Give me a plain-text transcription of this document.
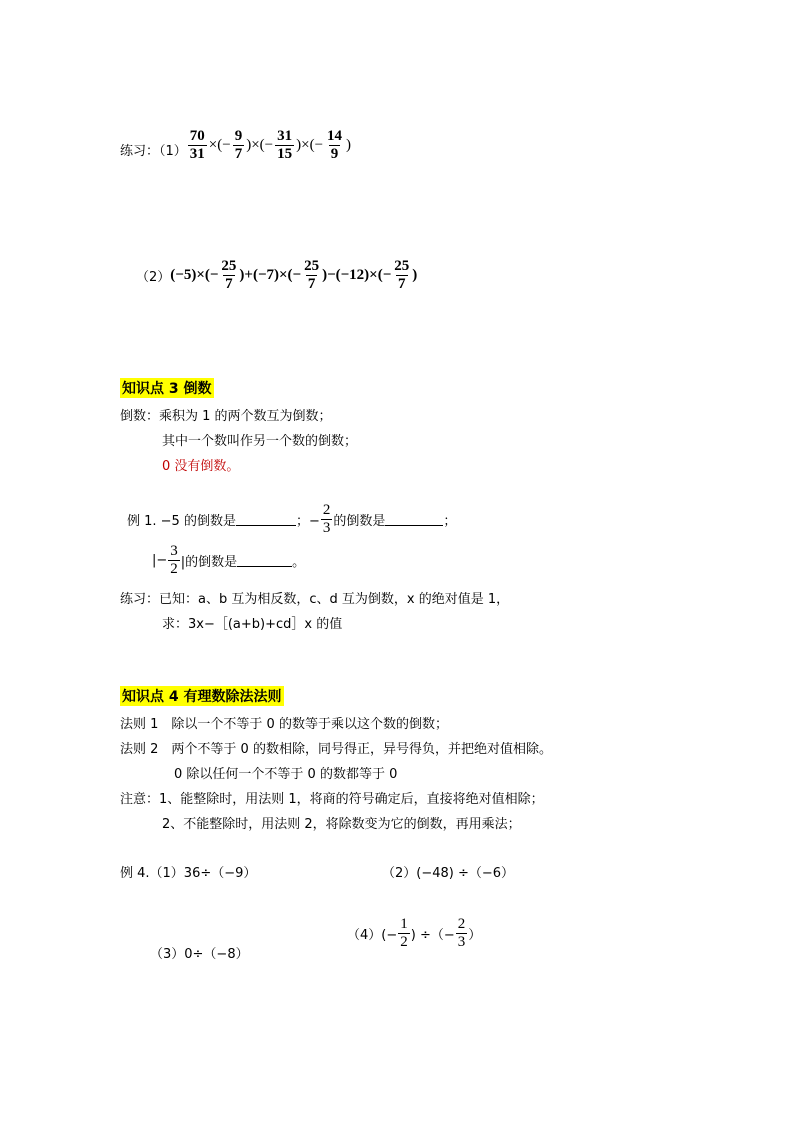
练习：$(1) \frac{70}{31}$ ×(− $\frac{9}{7}$ )×(− $\frac{31}{15}$ )×(− $\frac{14}{9}$ )
（2） $(-5)\times(- \frac{25}{7} )+(-7)\times(- \frac{25}{7} )-(-12)\times(- \frac{25}{7}$ )
知识点 3 倒数
倒数：乘积为 1 的两个数互为倒数；
其中一个数叫作另一个数的倒数；
0 没有倒数。
例 1. −5 的倒数是	；− $\frac{2}{3}$ 的倒数是	；
|− $\frac{3}{2}$ |的倒数是	。
练习：已知：a、b 互为相反数，c、d 互为倒数，x 的绝对值是 1，
求：3x−［(a+b)+cd］x 的值
知识点 4 有理数除法法则
法则 1　除以一个不等于 0 的数等于乘以这个数的倒数；
法则 2　两个不等于 0 的数相除，同号得正，异号得负，并把绝对值相除。
0 除以任何一个不等于 0 的数都等于 0
注意：1、能整除时，用法则 1，将商的符号确定后，直接将绝对值相除；
2、不能整除时，用法则 2，将除数变为它的倒数，再用乘法；
例 4.（1）36÷（−9）	（2）(−48) ÷（−6）
（3）0÷（−8）
$(4)(- \frac{1}{2}$ ) ÷（− $\frac{2}{3}$ ）
